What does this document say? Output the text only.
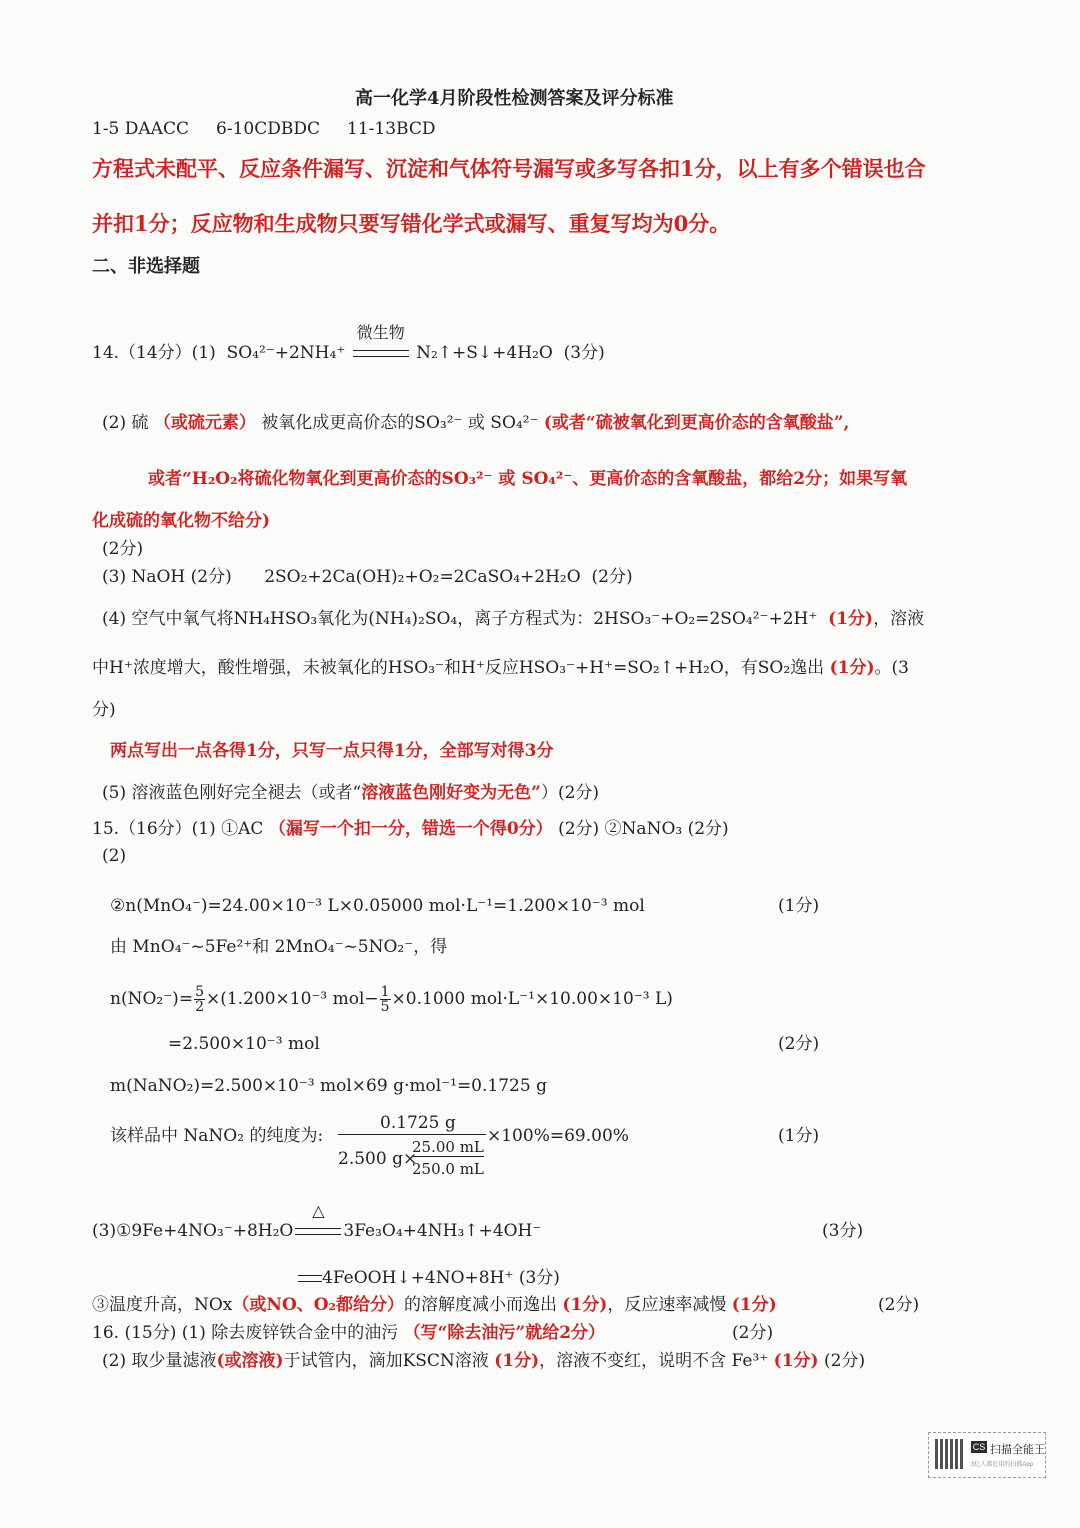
高一化学4月阶段性检测答案及评分标准
1-5 DAACC 6-10CDBDC 11-13BCD
方程式未配平、反应条件漏写、沉淀和气体符号漏写或多写各扣1分，以上有多个错误也合
并扣1分；反应物和生成物只要写错化学式或漏写、重复写均为0分。
二、非选择题
14.（14分）(1) SO₄²⁻+2NH₄⁺
微生物
N₂↑+S↓+4H₂O (3分)
(2) 硫 （或硫元素） 被氧化成更高价态的SO₃²⁻ 或 SO₄²⁻ (或者“硫被氧化到更高价态的含氧酸盐”,
或者“H₂O₂将硫化物氧化到更高价态的SO₃²⁻ 或 SO₄²⁻、更高价态的含氧酸盐，都给2分；如果写氧
化成硫的氧化物不给分)
(2分)
(3) NaOH (2分) 2SO₂+2Ca(OH)₂+O₂=2CaSO₄+2H₂O (2分)
(4) 空气中氧气将NH₄HSO₃氧化为(NH₄)₂SO₄，离子方程式为：2HSO₃⁻+O₂=2SO₄²⁻+2H⁺ (1分)，溶液
中H⁺浓度增大，酸性增强，未被氧化的HSO₃⁻和H⁺反应HSO₃⁻+H⁺=SO₂↑+H₂O，有SO₂逸出 (1分)。(3
分)
两点写出一点各得1分，只写一点只得1分，全部写对得3分
(5) 溶液蓝色刚好完全褪去（或者“溶液蓝色刚好变为无色”）(2分)
15.（16分）(1) ①AC （漏写一个扣一分，错选一个得0分） (2分) ②NaNO₃ (2分)
(2)
②n(MnO₄⁻)=24.00×10⁻³ L×0.05000 mol·L⁻¹=1.200×10⁻³ mol	(1分)
由 MnO₄⁻~5Fe²⁺和 2MnO₄⁻~5NO₂⁻，得
$n(NO_2^-)= \frac{5}{2} \times(1.200\times 10^{-3}$ $mol- \frac{1}{5} \times 0.1000$ mol·L⁻¹×10.00×10⁻³ L)
=2.500×10⁻³ mol	(2分)
m(NaNO₂)=2.500×10⁻³ mol×69 g·mol⁻¹=0.1725 g
该样品中 NaNO₂ 的纯度为:
0.1725 g
2.500 g×
25.00 mL
250.0 mL
×100%=69.00%	(1分)
(3)①9Fe+4NO₃⁻+8H₂O
△
3Fe₃O₄+4NH₃↑+4OH⁻	(3分)
4FeOOH↓+4NO+8H⁺ (3分)
③温度升高，NOx（或NO、O₂都给分）的溶解度减小而逸出 (1分)，反应速率减慢 (1分)	(2分)
16. (15分) (1) 除去废锌铁合金中的油污 （写“除去油污”就给2分）	(2分)
(2) 取少量滤液(或溶液)于试管内，滴加KSCN溶液 (1分)，溶液不变红，说明不含 Fe³⁺ (1分) (2分)
CS 扫描全能王
3亿人都在用的扫描App
